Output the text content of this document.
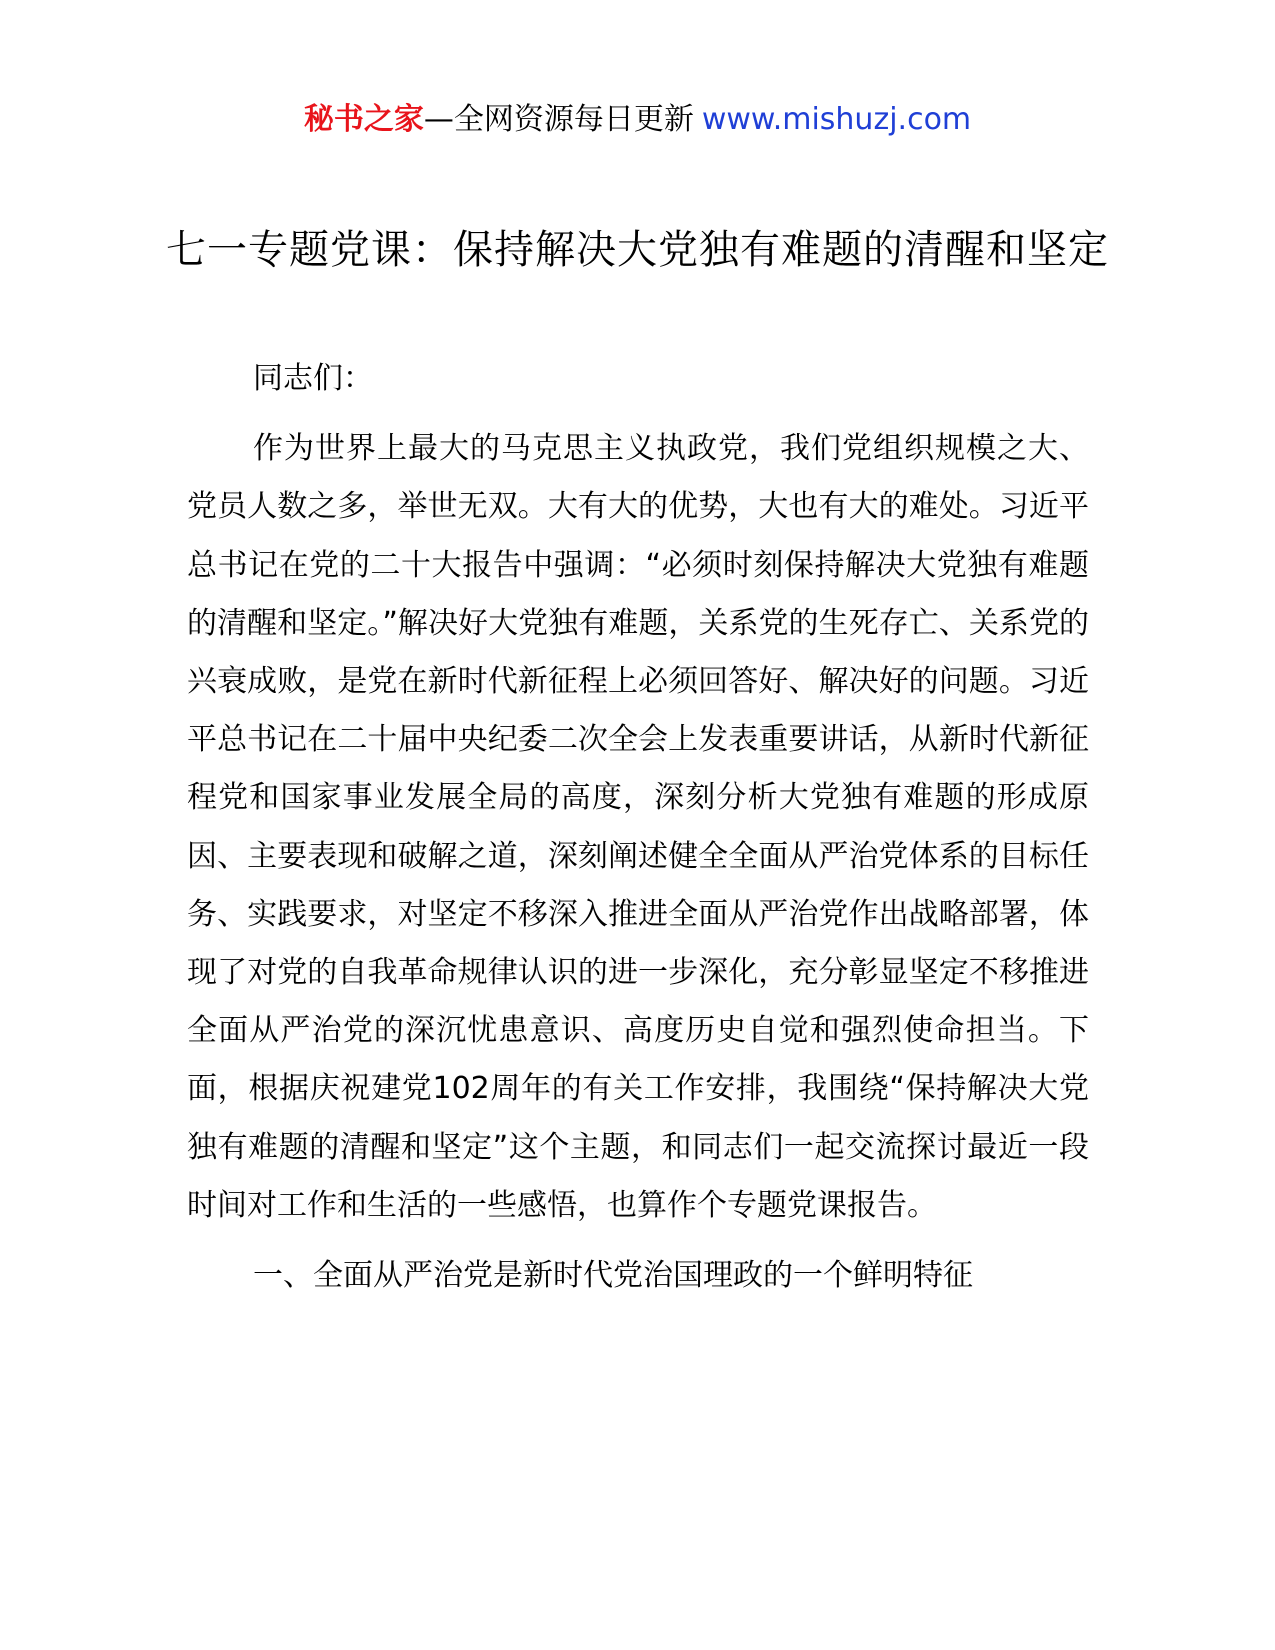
秘书之家—全网资源每日更新 www.mishuzj.com
七一专题党课：保持解决大党独有难题的清醒和坚定

同志们：

作为世界上最大的马克思主义执政党，我们党组织规模之大、党员人数之多，举世无双。大有大的优势，大也有大的难处。习近平总书记在党的二十大报告中强调：“必须时刻保持解决大党独有难题的清醒和坚定。”解决好大党独有难题，关系党的生死存亡、关系党的兴衰成败，是党在新时代新征程上必须回答好、解决好的问题。习近平总书记在二十届中央纪委二次全会上发表重要讲话，从新时代新征程党和国家事业发展全局的高度，深刻分析大党独有难题的形成原因、主要表现和破解之道，深刻阐述健全全面从严治党体系的目标任务、实践要求，对坚定不移深入推进全面从严治党作出战略部署，体现了对党的自我革命规律认识的进一步深化，充分彰显坚定不移推进全面从严治党的深沉忧患意识、高度历史自觉和强烈使命担当。下面，根据庆祝建党102周年的有关工作安排，我围绕“保持解决大党独有难题的清醒和坚定”这个主题，和同志们一起交流探讨最近一段时间对工作和生活的一些感悟，也算作个专题党课报告。

一、全面从严治党是新时代党治国理政的一个鲜明特征
